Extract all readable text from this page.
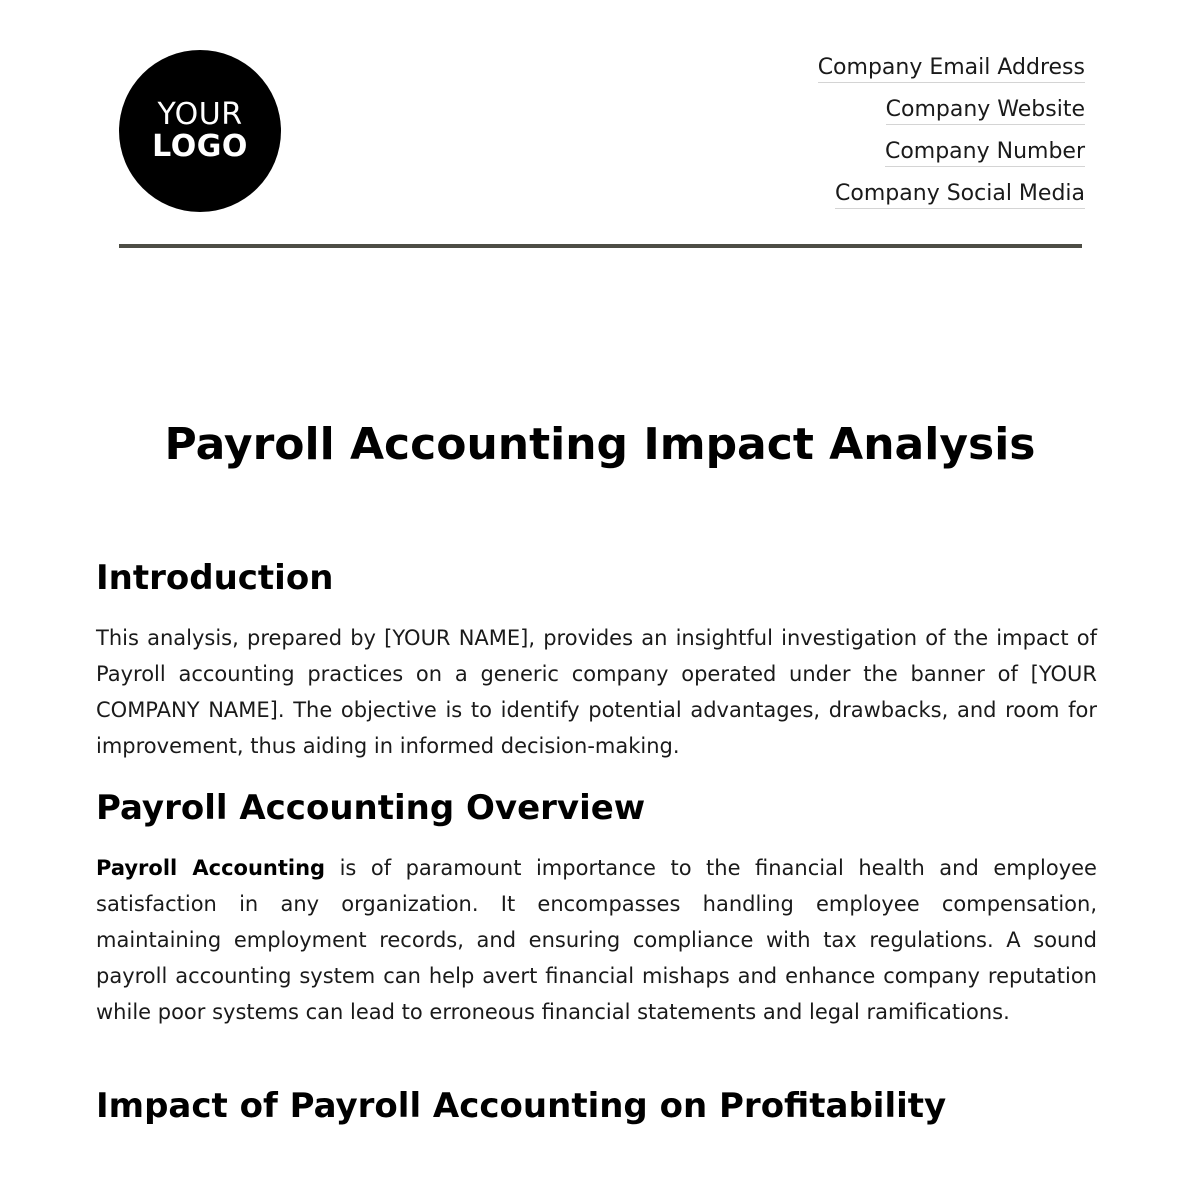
YOUR
LOGO
Company Email Address
Company Website
Company Number
Company Social Media
Payroll Accounting Impact Analysis
Introduction

This analysis, prepared by [YOUR NAME], provides an insightful investigation of the impact of Payroll accounting practices on a generic company operated under the banner of [YOUR COMPANY NAME]. The objective is to identify potential advantages, drawbacks, and room for improvement, thus aiding in informed decision-making.

Payroll Accounting Overview

Payroll Accounting is of paramount importance to the financial health and employee satisfaction in any organization. It encompasses handling employee compensation, maintaining employment records, and ensuring compliance with tax regulations. A sound payroll accounting system can help avert financial mishaps and enhance company reputation while poor systems can lead to erroneous financial statements and legal ramifications.

Impact of Payroll Accounting on Profitability
